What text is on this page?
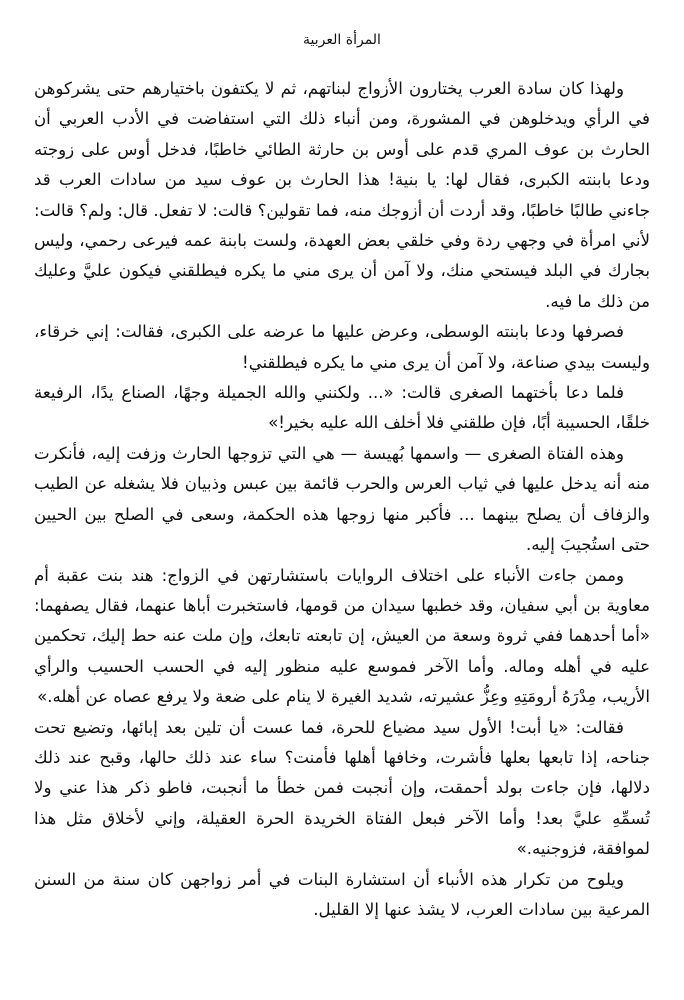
المرأة العربية

ولهذا كان سادة العرب يختارون الأزواج لبناتهم، ثم لا يكتفون باختيارهم حتى يشركوهن في الرأي ويدخلوهن في المشورة، ومن أنباء ذلك التي استفاضت في الأدب العربي أن الحارث بن عوف المري قدم على أوس بن حارثة الطائي خاطبًا، فدخل أوس على زوجته ودعا بابنته الكبرى، فقال لها: يا بنية! هذا الحارث بن عوف سيد من سادات العرب قد جاءني طالبًا خاطبًا، وقد أردت أن أزوجك منه، فما تقولين؟ قالت: لا تفعل. قال: ولم؟ قالت: لأني امرأة في وجهي ردة وفي خلقي بعض العهدة، ولست بابنة عمه فيرعى رحمي، وليس بجارك في البلد فيستحي منك، ولا آمن أن يرى مني ما يكره فيطلقني فيكون عليَّ وعليك من ذلك ما فيه.

فصرفها ودعا بابنته الوسطى، وعرض عليها ما عرضه على الكبرى، فقالت: إني خرقاء، وليست بيدي صناعة، ولا آمن أن يرى مني ما يكره فيطلقني!

فلما دعا بأختهما الصغرى قالت: «... ولكنني والله الجميلة وجهًا، الصناع يدًا، الرفيعة خلقًا، الحسيبة أبًا، فإن طلقني فلا أخلف الله عليه بخير!»

وهذه الفتاة الصغرى — واسمها بُهيسة — هي التي تزوجها الحارث وزفت إليه، فأنكرت منه أنه يدخل عليها في ثياب العرس والحرب قائمة بين عبس وذبيان فلا يشغله عن الطيب والزفاف أن يصلح بينهما ... فأكبر منها زوجها هذه الحكمة، وسعى في الصلح بين الحيين حتى استُجيبَ إليه.

وممن جاءت الأنباء على اختلاف الروايات باستشارتهن في الزواج: هند بنت عقبة أم معاوية بن أبي سفيان، وقد خطبها سيدان من قومها، فاستخبرت أباها عنهما، فقال يصفهما: «أما أحدهما ففي ثروة وسعة من العيش، إن تابعته تابعك، وإن ملت عنه حط إليك، تحكمين عليه في أهله وماله. وأما الآخر فموسع عليه منظور إليه في الحسب الحسيب والرأي الأريب، مِدْرَهُ أرومَتِهِ وعِزُّ عشيرته، شديد الغيرة لا ينام على ضعة ولا يرفع عصاه عن أهله.»

فقالت: «يا أبت! الأول سيد مضياع للحرة، فما عست أن تلين بعد إبائها، وتضيع تحت جناحه، إذا تابعها بعلها فأشرت، وخافها أهلها فأمنت؟ ساء عند ذلك حالها، وقبح عند ذلك دلالها، فإن جاءت بولد أحمقت، وإن أنجبت فمن خطأ ما أنجبت، فاطو ذكر هذا عني ولا تُسمِّهِ عليَّ بعد! وأما الآخر فبعل الفتاة الخريدة الحرة العقيلة، وإني لأخلاق مثل هذا لموافقة، فزوجنيه.»

ويلوح من تكرار هذه الأنباء أن استشارة البنات في أمر زواجهن كان سنة من السنن المرعية بين سادات العرب، لا يشذ عنها إلا القليل.
